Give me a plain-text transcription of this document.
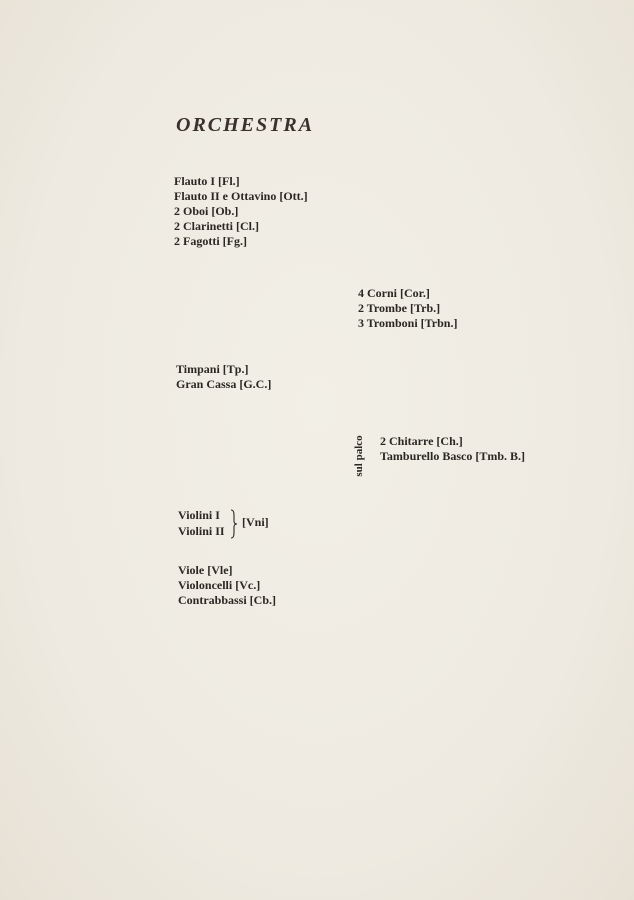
ORCHESTRA
Flauto I [Fl.]
Flauto II e Ottavino [Ott.]
2 Oboi [Ob.]
2 Clarinetti [Cl.]
2 Fagotti [Fg.]
4 Corni [Cor.]
2 Trombe [Trb.]
3 Tromboni [Trbn.]
Timpani [Tp.]
Gran Cassa [G.C.]
sul palco 2 Chitarre [Ch.]
Tamburello Basco [Tmb. B.]
Violini I
Violini II
[Vni]
Viole [Vle]
Violoncelli [Vc.]
Contrabbassi [Cb.]
